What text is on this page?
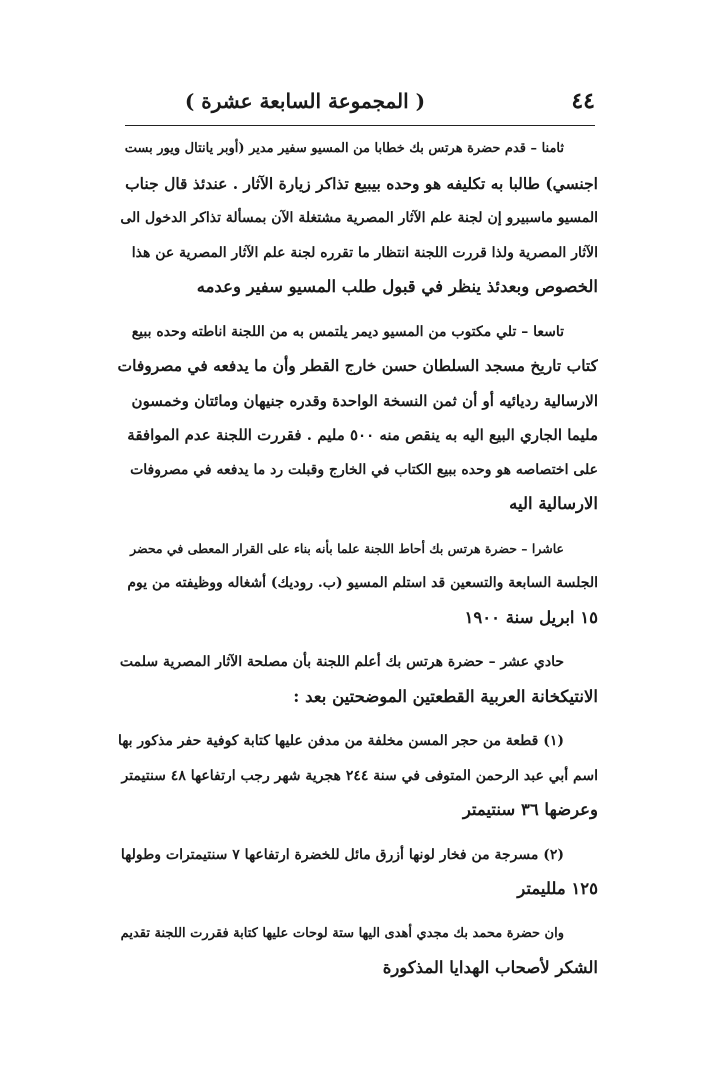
٤٤
( المجموعة السابعة عشرة )
ثامنا – قدم حضرة هرتس بك خطابا من المسيو سفير مدير (أوبر يانتال ويور بست
اجنسي) طالبا به تكليفه هو وحده بيبيع تذاكر زيارة الآثار . عندئذ قال جناب
المسيو ماسبيرو إن لجنة علم الآثار المصرية مشتغلة الآن بمسألة تذاكر الدخول الى
الآثار المصرية ولذا قررت اللجنة انتظار ما تقرره لجنة علم الآثار المصرية عن هذا
الخصوص وبعدئذ ينظر في قبول طلب المسيو سفير وعدمه
تاسعا – تلي مكتوب من المسيو ديمر يلتمس به من اللجنة اناطته وحده ببيع
كتاب تاريخ مسجد السلطان حسن خارج القطر وأن ما يدفعه في مصروفات
الارسالية رديائيه أو أن ثمن النسخة الواحدة وقدره جنيهان ومائتان وخمسون
مليما الجاري البيع اليه به ينقص منه ٥٠٠ مليم . فقررت اللجنة عدم الموافقة
على اختصاصه هو وحده ببيع الكتاب في الخارج وقبلت رد ما يدفعه في مصروفات
الارسالية اليه
عاشرا – حضرة هرتس بك أحاط اللجنة علما بأنه بناء على القرار المعطى في محضر
الجلسة السابعة والتسعين قد استلم المسيو (ب. روديك) أشغاله ووظيفته من يوم
١٥ ابريل سنة ١٩٠٠
حادي عشر – حضرة هرتس بك أعلم اللجنة بأن مصلحة الآثار المصرية سلمت
الانتيكخانة العربية القطعتين الموضحتين بعد :
(١) قطعة من حجر المسن مخلفة من مدفن عليها كتابة كوفية حفر مذكور بها
اسم أبي عبد الرحمن المتوفى في سنة ٢٤٤ هجرية شهر رجب ارتفاعها ٤٨ سنتيمتر
وعرضها ٣٦ سنتيمتر
(٢) مسرجة من فخار لونها أزرق مائل للخضرة ارتفاعها ٧ سنتيمترات وطولها
١٢٥ ملليمتر
وان حضرة محمد بك مجدي أهدى اليها ستة لوحات عليها كتابة فقررت اللجنة تقديم
الشكر لأصحاب الهدايا المذكورة
